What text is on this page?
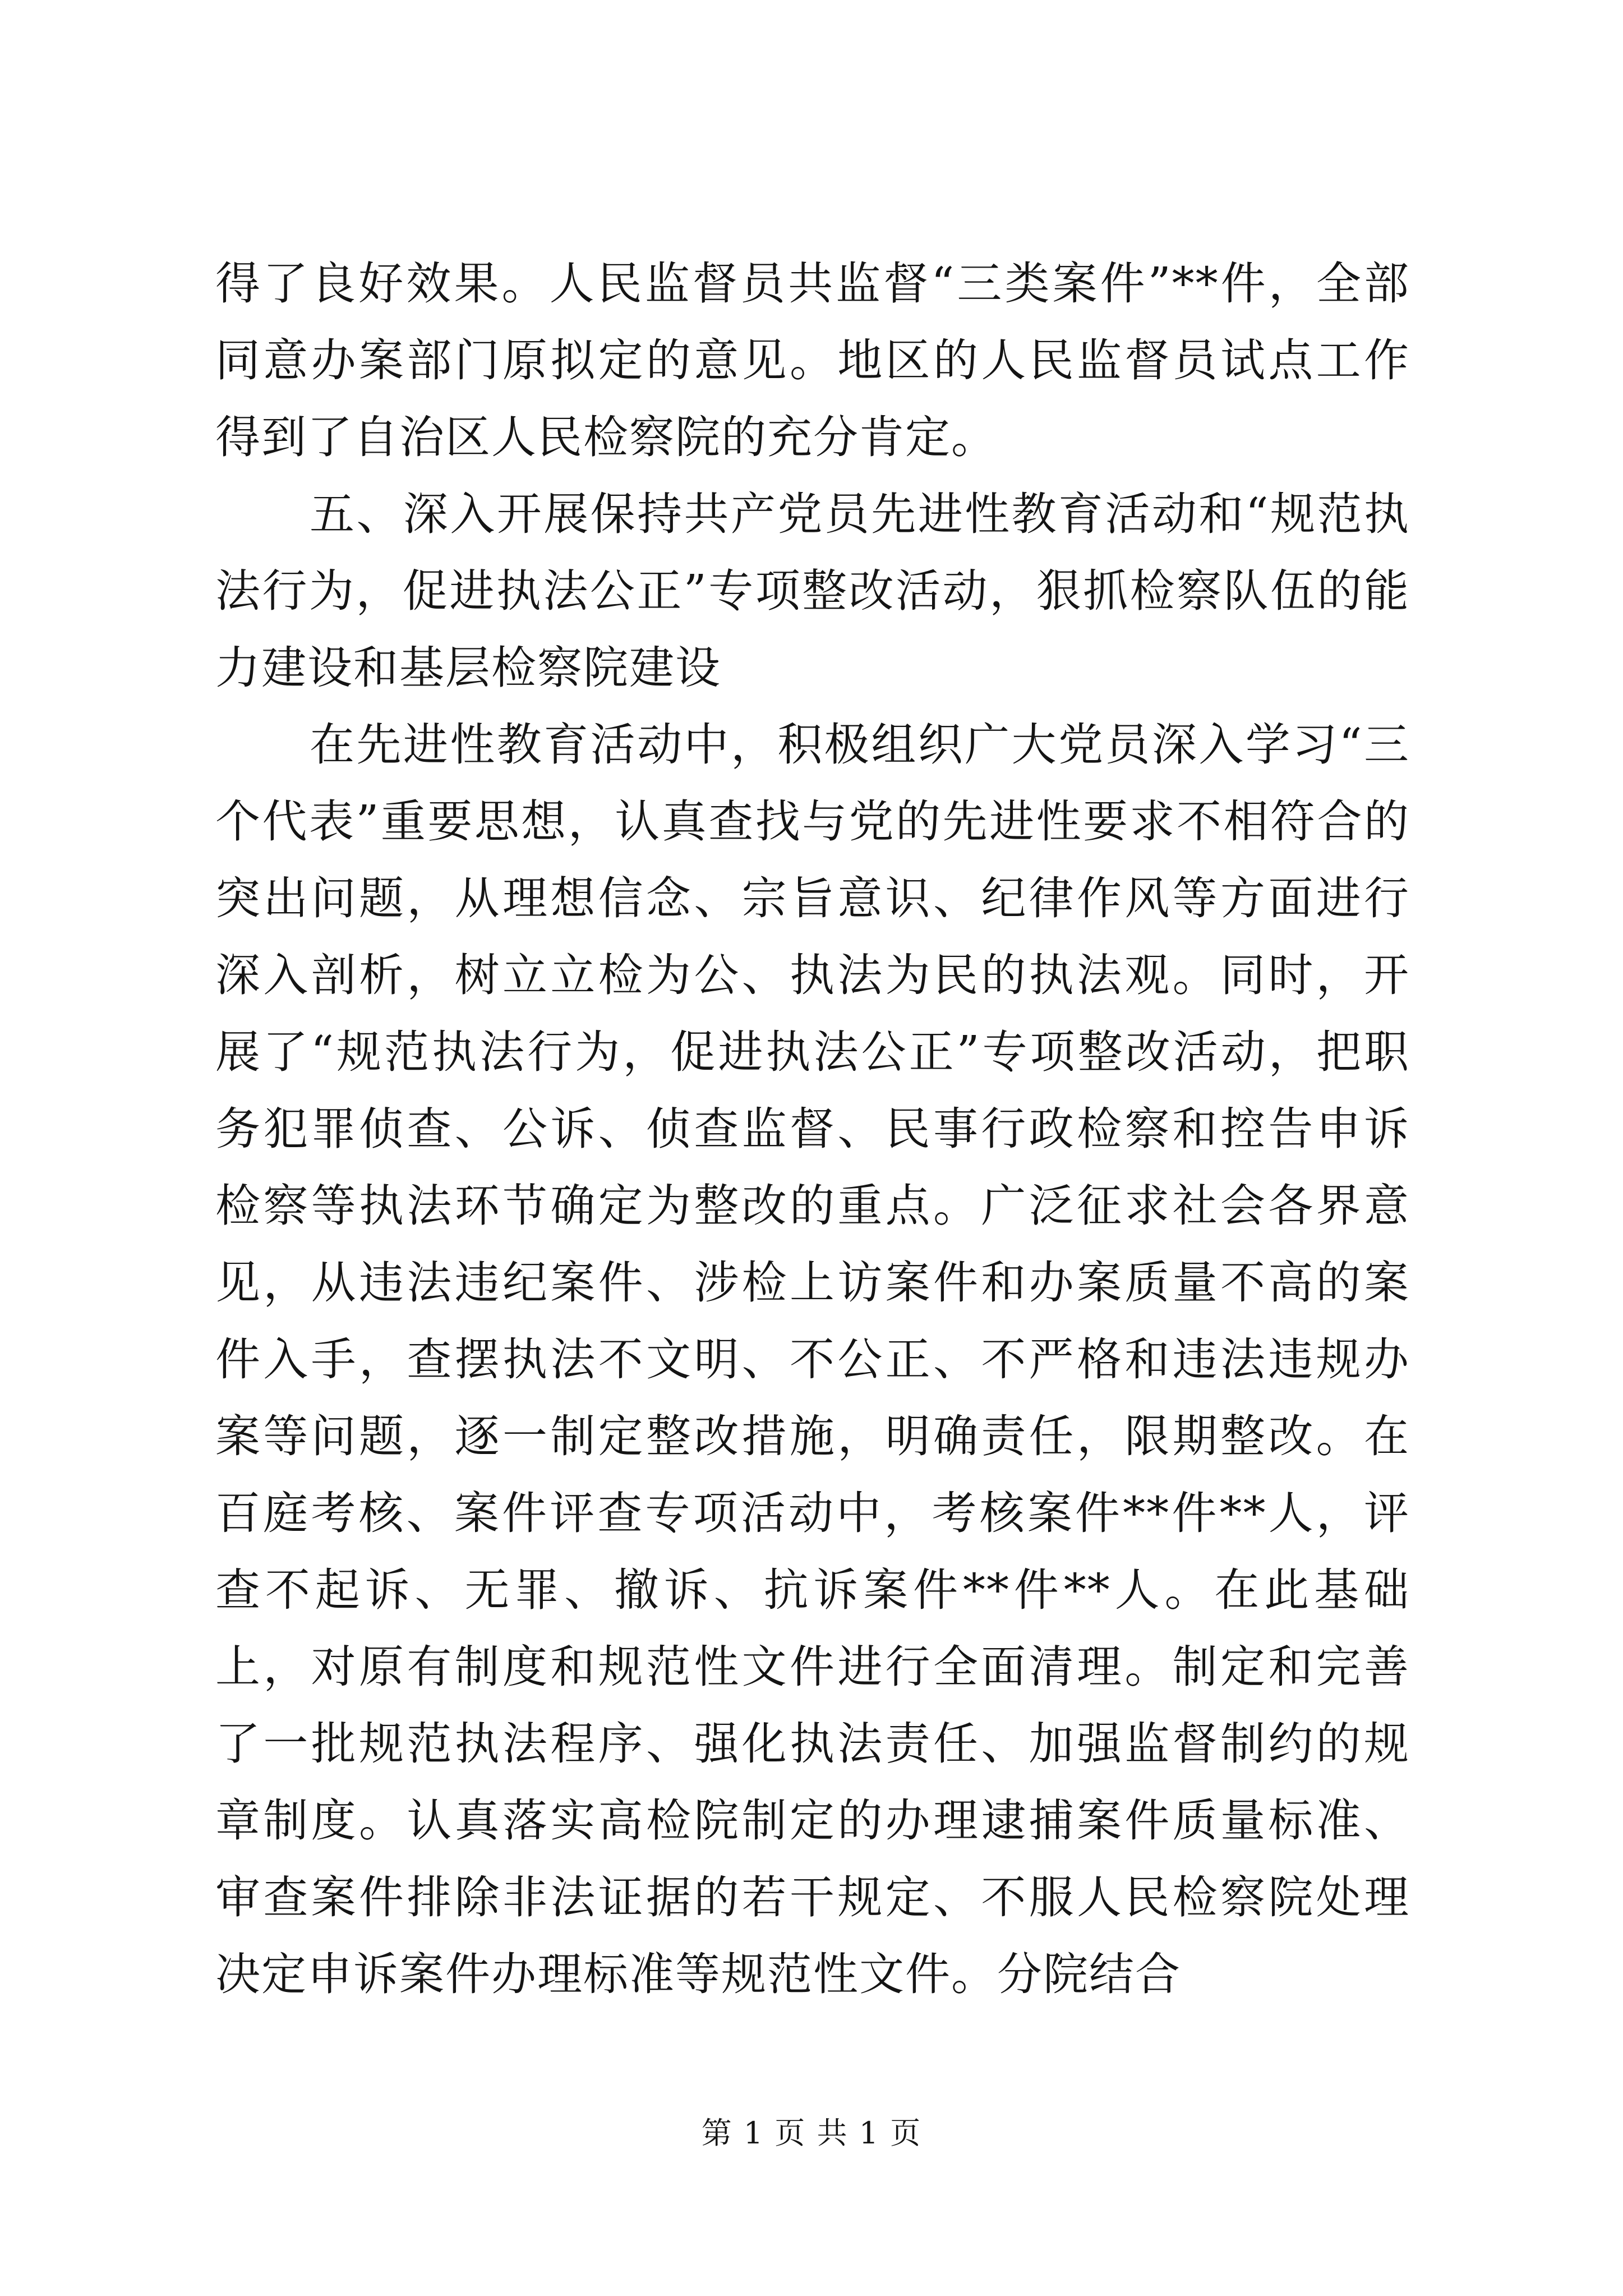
得了良好效果。人民监督员共监督“三类案件”**件，全部同意办案部门原拟定的意见。地区的人民监督员试点工作得到了自治区人民检察院的充分肯定。

五、深入开展保持共产党员先进性教育活动和“规范执法行为，促进执法公正”专项整改活动，狠抓检察队伍的能力建设和基层检察院建设

在先进性教育活动中，积极组织广大党员深入学习“三个代表”重要思想，认真查找与党的先进性要求不相符合的突出问题，从理想信念、宗旨意识、纪律作风等方面进行深入剖析，树立立检为公、执法为民的执法观。同时，开展了“规范执法行为，促进执法公正”专项整改活动，把职务犯罪侦查、公诉、侦查监督、民事行政检察和控告申诉检察等执法环节确定为整改的重点。广泛征求社会各界意见，从违法违纪案件、涉检上访案件和办案质量不高的案件入手，查摆执法不文明、不公正、不严格和违法违规办案等问题，逐一制定整改措施，明确责任，限期整改。在百庭考核、案件评查专项活动中，考核案件**件**人，评查不起诉、无罪、撤诉、抗诉案件**件**人。在此基础上，对原有制度和规范性文件进行全面清理。制定和完善了一批规范执法程序、强化执法责任、加强监督制约的规章制度。认真落实高检院制定的办理逮捕案件质量标准、审查案件排除非法证据的若干规定、不服人民检察院处理决定申诉案件办理标准等规范性文件。分院结合

第 1 页 共 1 页
